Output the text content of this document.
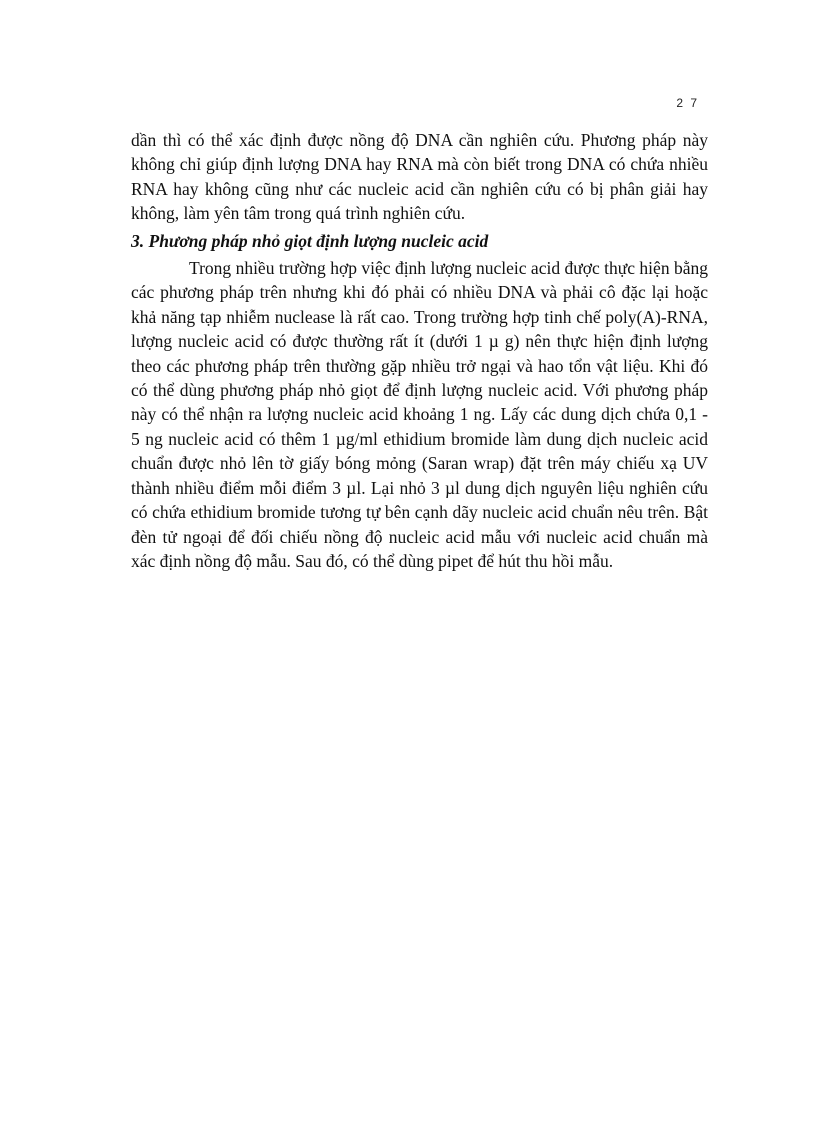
2 7

dần thì có thể xác định được nồng độ DNA cần nghiên cứu. Phương pháp này không chỉ giúp định lượng DNA hay RNA mà còn biết trong DNA có chứa nhiều RNA hay không cũng như các nucleic acid cần nghiên cứu có bị phân giải hay không, làm yên tâm trong quá trình nghiên cứu.

3. Phương pháp nhỏ giọt định lượng nucleic acid

Trong nhiều trường hợp việc định lượng nucleic acid được thực hiện bằng các phương pháp trên nhưng khi đó phải có nhiều DNA và phải cô đặc lại hoặc khả năng tạp nhiễm nuclease là rất cao. Trong trường hợp tinh chế poly(A)-RNA, lượng nucleic acid có được thường rất ít (dưới 1 µ g) nên thực hiện định lượng theo các phương pháp trên thường gặp nhiều trở ngại và hao tổn vật liệu. Khi đó có thể dùng phương pháp nhỏ giọt để định lượng nucleic acid. Với phương pháp này có thể nhận ra lượng nucleic acid khoảng 1 ng. Lấy các dung dịch chứa 0,1 - 5 ng nucleic acid có thêm 1 µg/ml ethidium bromide làm dung dịch nucleic acid chuẩn được nhỏ lên tờ giấy bóng mỏng (Saran wrap) đặt trên máy chiếu xạ UV thành nhiều điểm mỗi điểm 3 µl. Lại nhỏ 3 µl dung dịch nguyên liệu nghiên cứu có chứa ethidium bromide tương tự bên cạnh dãy nucleic acid chuẩn nêu trên. Bật đèn tử ngoại để đối chiếu nồng độ nucleic acid mẫu với nucleic acid chuẩn mà xác định nồng độ mẫu. Sau đó, có thể dùng pipet để hút thu hồi mẫu.
